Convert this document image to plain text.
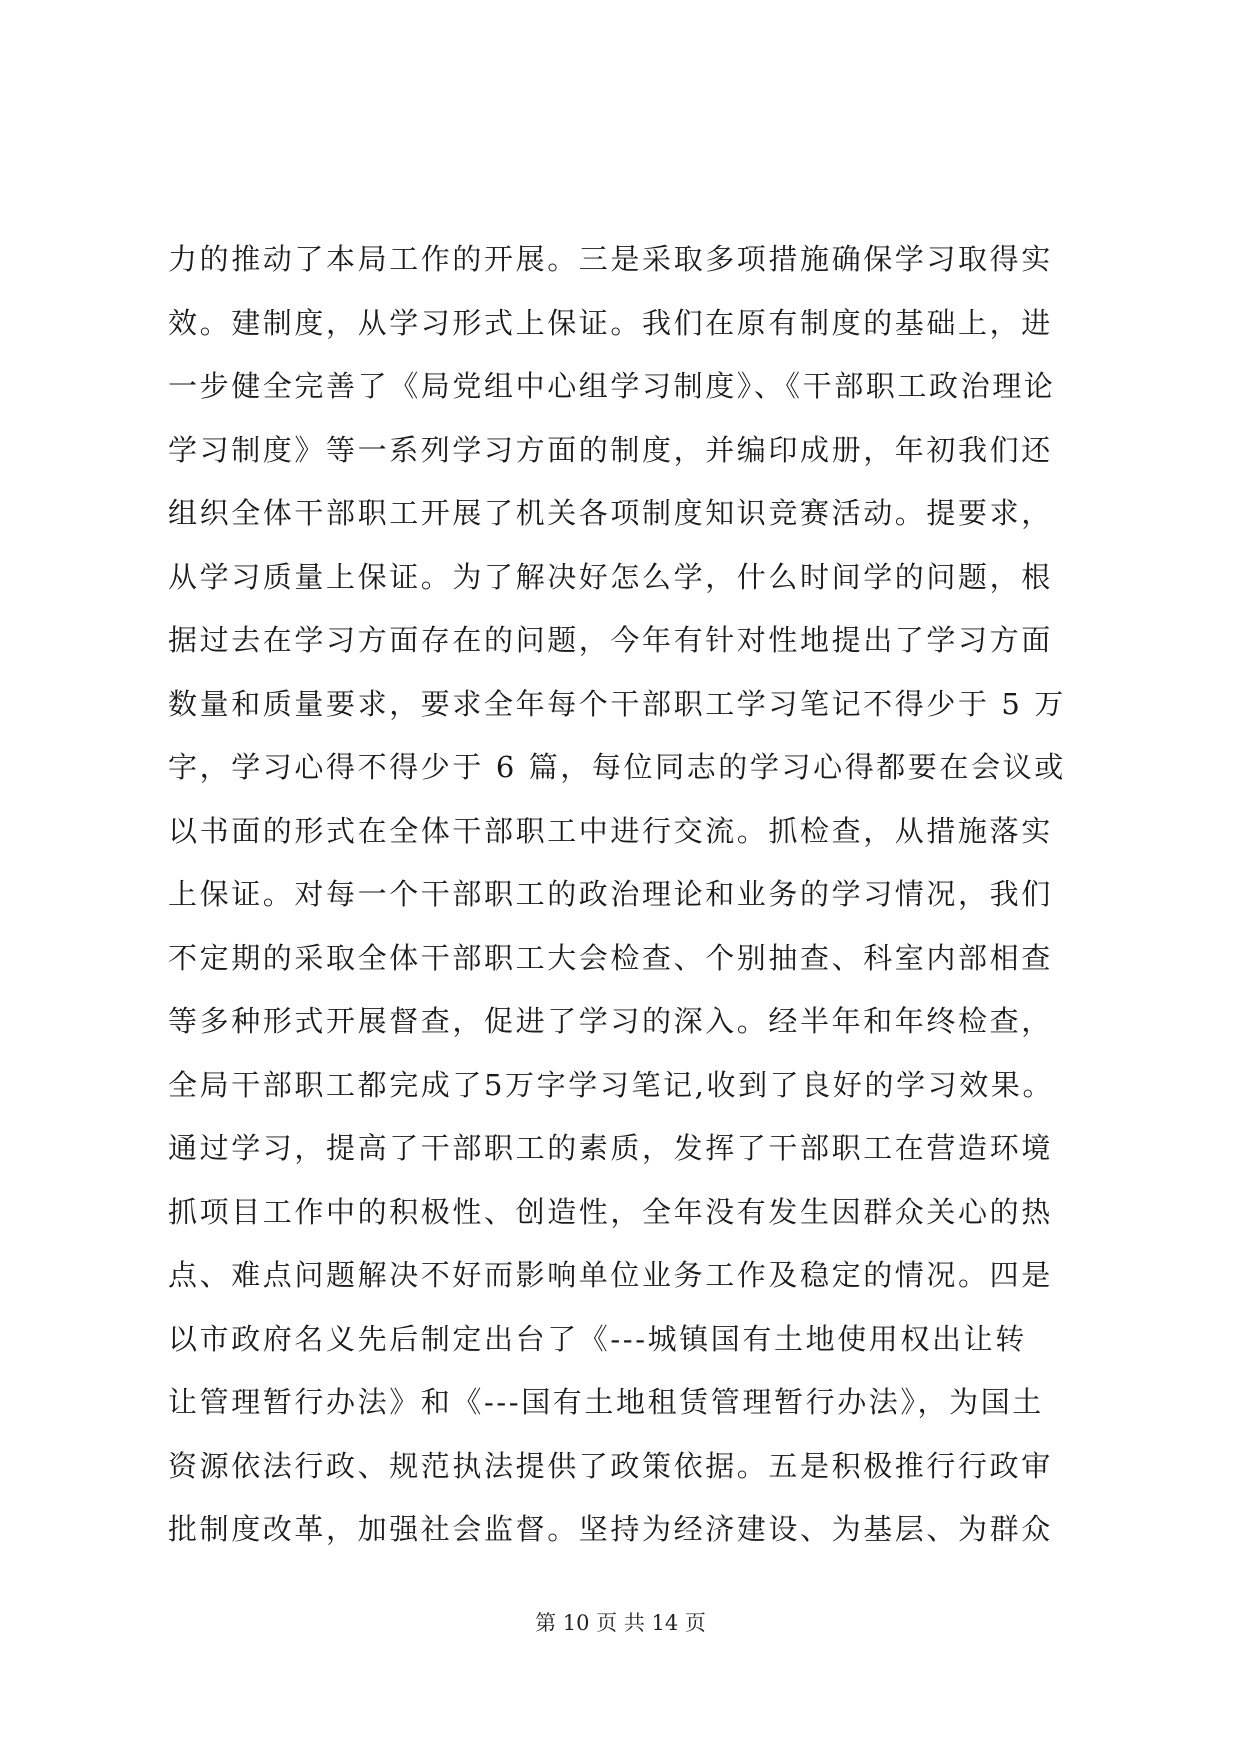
力的推动了本局工作的开展。三是采取多项措施确保学习取得实
效。建制度，从学习形式上保证。我们在原有制度的基础上，进
一步健全完善了《局党组中心组学习制度》、《干部职工政治理论
学习制度》等一系列学习方面的制度，并编印成册，年初我们还
组织全体干部职工开展了机关各项制度知识竞赛活动。提要求，
从学习质量上保证。为了解决好怎么学，什么时间学的问题，根
据过去在学习方面存在的问题，今年有针对性地提出了学习方面
数量和质量要求，要求全年每个干部职工学习笔记不得少于 5 万
字，学习心得不得少于 6 篇，每位同志的学习心得都要在会议或
以书面的形式在全体干部职工中进行交流。抓检查，从措施落实
上保证。对每一个干部职工的政治理论和业务的学习情况，我们
不定期的采取全体干部职工大会检查、个别抽查、科室内部相查
等多种形式开展督查，促进了学习的深入。经半年和年终检查，
全局干部职工都完成了5万字学习笔记,收到了良好的学习效果。
通过学习，提高了干部职工的素质，发挥了干部职工在营造环境
抓项目工作中的积极性、创造性，全年没有发生因群众关心的热
点、难点问题解决不好而影响单位业务工作及稳定的情况。四是
以市政府名义先后制定出台了《---城镇国有土地使用权出让转
让管理暂行办法》和《---国有土地租赁管理暂行办法》，为国土
资源依法行政、规范执法提供了政策依据。五是积极推行行政审
批制度改革，加强社会监督。坚持为经济建设、为基层、为群众
第 10 页 共 14 页
